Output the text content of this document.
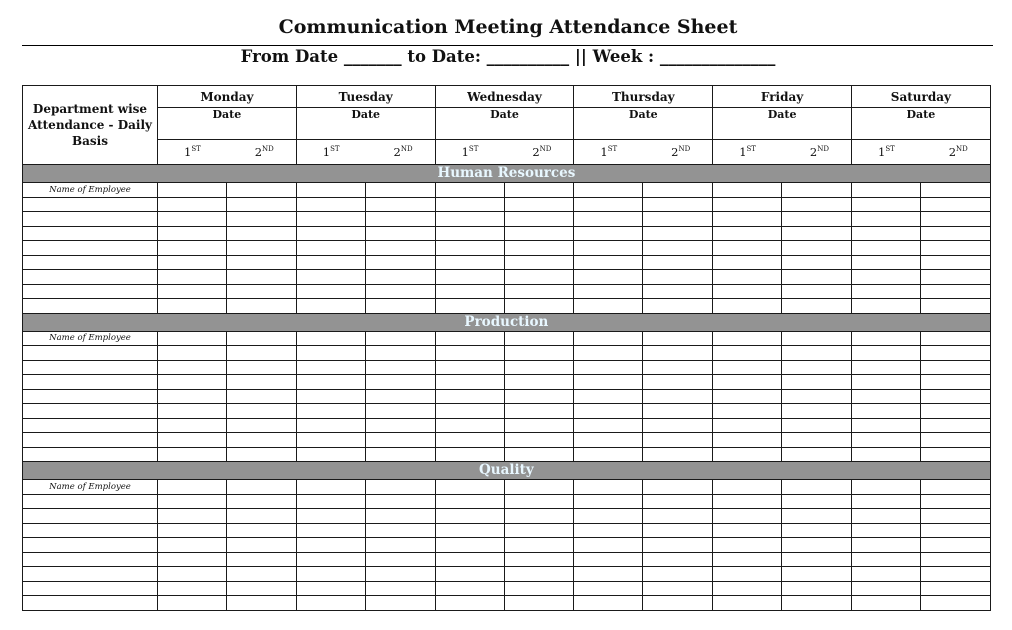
Communication Meeting Attendance Sheet
From Date _______ to Date: __________ || Week : ______________
Department wise Attendance - Daily Basis	Monday		Tuesday		Wednesday		Thursday		Friday		Saturday	
	Date		Date		Date		Date		Date		Date	

	1ST 2ND		1ST 2ND		1ST 2ND		1ST 2ND		1ST 2ND		1ST 2ND

Human Resources												
Name of Employee												

Production												
Name of Employee												

Quality												
Name of Employee												
